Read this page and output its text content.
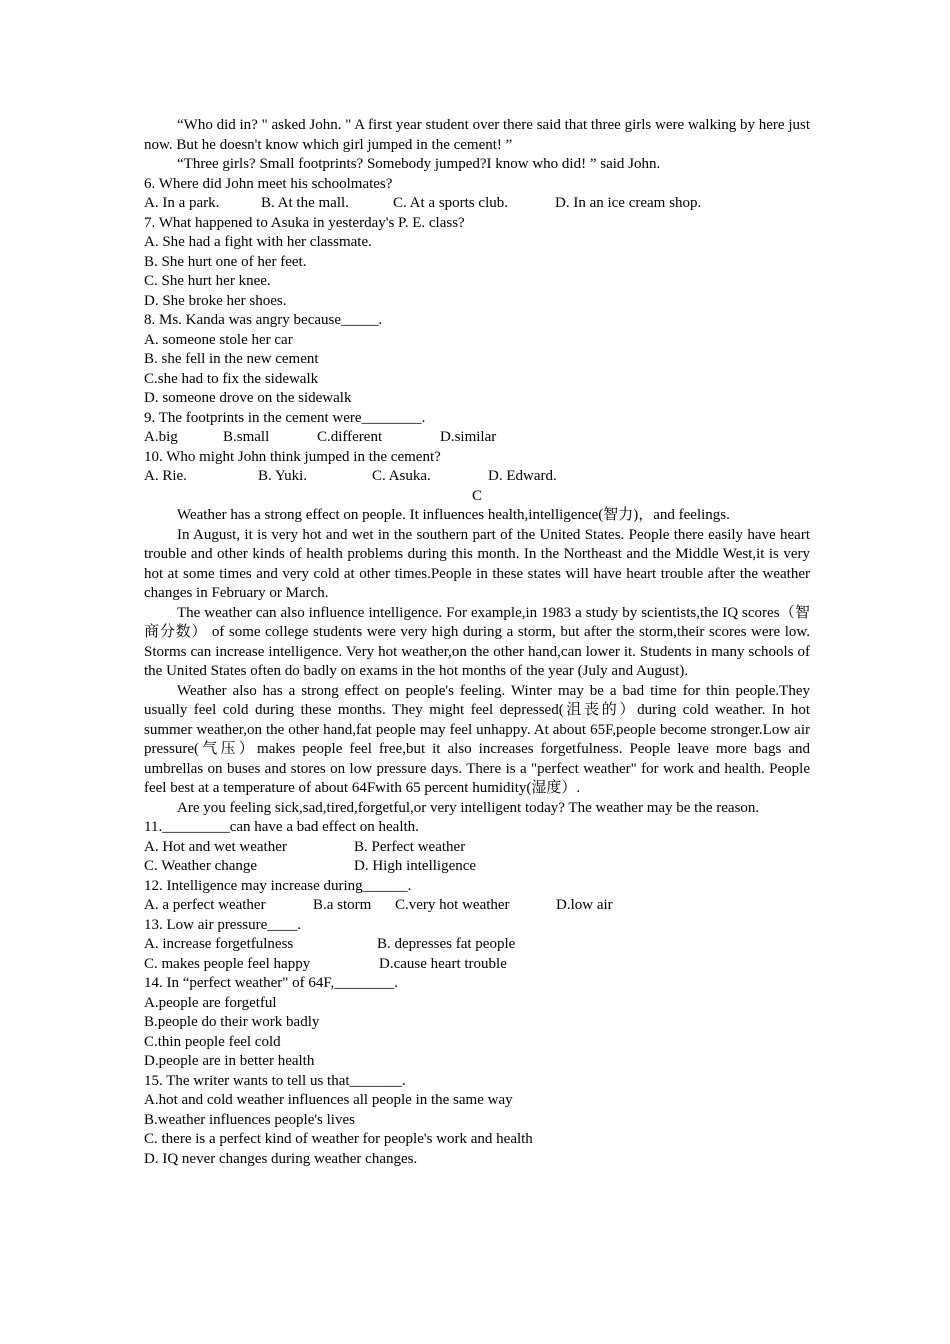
“Who did in? " asked John. " A first year student over there said that three girls were walking by here just now. But he doesn't know which girl jumped in the cement! ”

“Three girls? Small footprints? Somebody jumped?I know who did! ” said John.

6. Where did John meet his schoolmates?

A. In a park.	B. At the mall.	C. At a sports club.	D. In an ice cream shop.

7. What happened to Asuka in yesterday's P. E. class?

A. She had a fight with her classmate.

B. She hurt one of her feet.

C. She hurt her knee.

D. She broke her shoes.

8. Ms. Kanda was angry because_____.

A. someone stole her car

B. she fell in the new cement

C.she had to fix the sidewalk

D. someone drove on the sidewalk

9. The footprints in the cement were________.

A.big	B.small	C.different	D.similar

10. Who might John think jumped in the cement?

A. Rie.	B. Yuki.	C. Asuka.	D. Edward.

C

Weather has a strong effect on people. It influences health,intelligence(智力)，and feelings.

In August, it is very hot and wet in the southern part of the United States. People there easily have heart trouble and other kinds of health problems during this month. In the Northeast and the Middle West,it is very hot at some times and very cold at other times.People in these states will have heart trouble after the weather changes in February or March.

The weather can also influence intelligence. For example,in 1983 a study by scientists,the IQ scores（智商分数） of some college students were very high during a storm, but after the storm,their scores were low. Storms can increase intelligence. Very hot weather,on the other hand,can lower it. Students in many schools of the United States often do badly on exams in the hot months of the year (July and August).

Weather also has a strong effect on people's feeling. Winter may be a bad time for thin people.They usually feel cold during these months. They might feel depressed(沮丧的）during cold weather. In hot summer weather,on the other hand,fat people may feel unhappy. At about 65F,people become stronger.Low air pressure(气压）makes people feel free,but it also increases forgetfulness. People leave more bags and umbrellas on buses and stores on low pressure days. There is a "perfect weather" for work and health. People feel best at a temperature of about 64Fwith 65 percent humidity(湿度）.

Are you feeling sick,sad,tired,forgetful,or very intelligent today? The weather may be the reason.

11._________can have a bad effect on health.

A. Hot and wet weather	B. Perfect weather
C. Weather change	D. High intelligence

12. Intelligence may increase during______.

A. a perfect weather	B.a storm	C.very hot weather	D.low air

13. Low air pressure____.

A. increase forgetfulness	B. depresses fat people
C. makes people feel happy	D.cause heart trouble

14. In “perfect weather" of 64F,________.

A.people are forgetful

B.people do their work badly

C.thin people feel cold

D.people are in better health

15. The writer wants to tell us that_______.

A.hot and cold weather influences all people in the same way

B.weather influences people's lives

C. there is a perfect kind of weather for people's work and health

D. IQ never changes during weather changes.
